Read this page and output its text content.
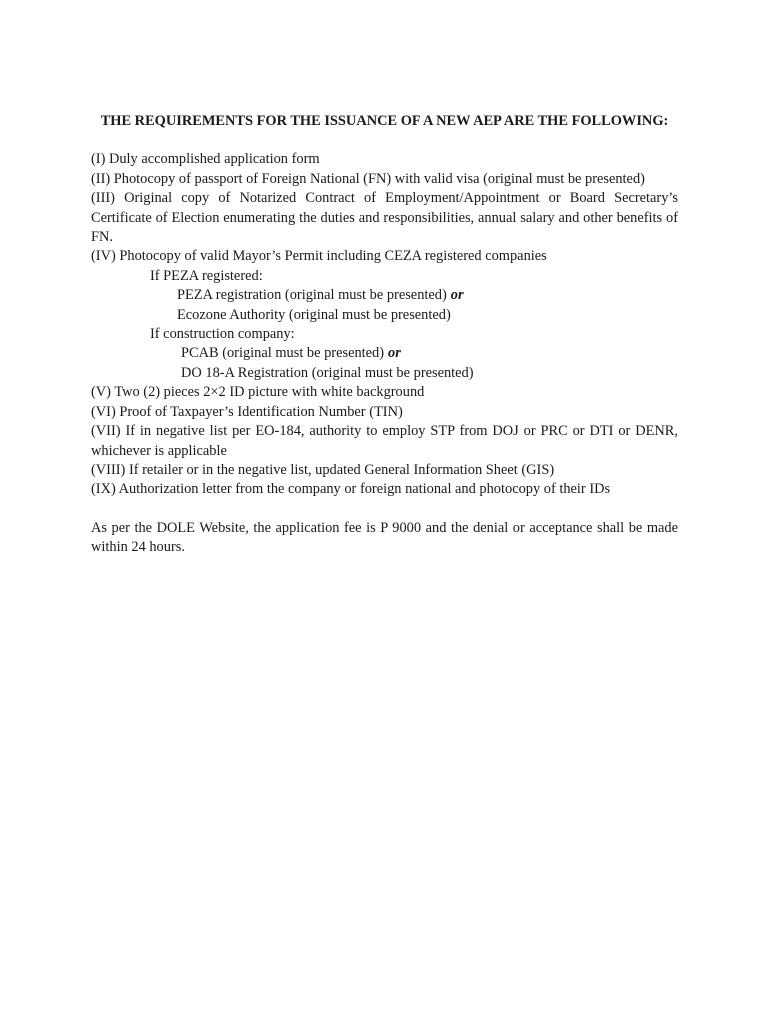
THE REQUIREMENTS FOR THE ISSUANCE OF A NEW AEP ARE THE FOLLOWING:

(I) Duly accomplished application form

(II) Photocopy of passport of Foreign National (FN) with valid visa (original must be presented)

(III) Original copy of Notarized Contract of Employment/Appointment or Board Secretary’s Certificate of Election enumerating the duties and responsibilities, annual salary and other benefits of FN.

(IV) Photocopy of valid Mayor’s Permit including CEZA registered companies

If PEZA registered:

PEZA registration (original must be presented) or

Ecozone Authority (original must be presented)

If construction company:

PCAB (original must be presented) or

DO 18-A Registration (original must be presented)

(V) Two (2) pieces 2×2 ID picture with white background

(VI) Proof of Taxpayer’s Identification Number (TIN)

(VII) If in negative list per EO-184, authority to employ STP from DOJ or PRC or DTI or DENR, whichever is applicable

(VIII) If retailer or in the negative list, updated General Information Sheet (GIS)

(IX) Authorization letter from the company or foreign national and photocopy of their IDs

As per the DOLE Website, the application fee is P 9000 and the denial or acceptance shall be made within 24 hours.
